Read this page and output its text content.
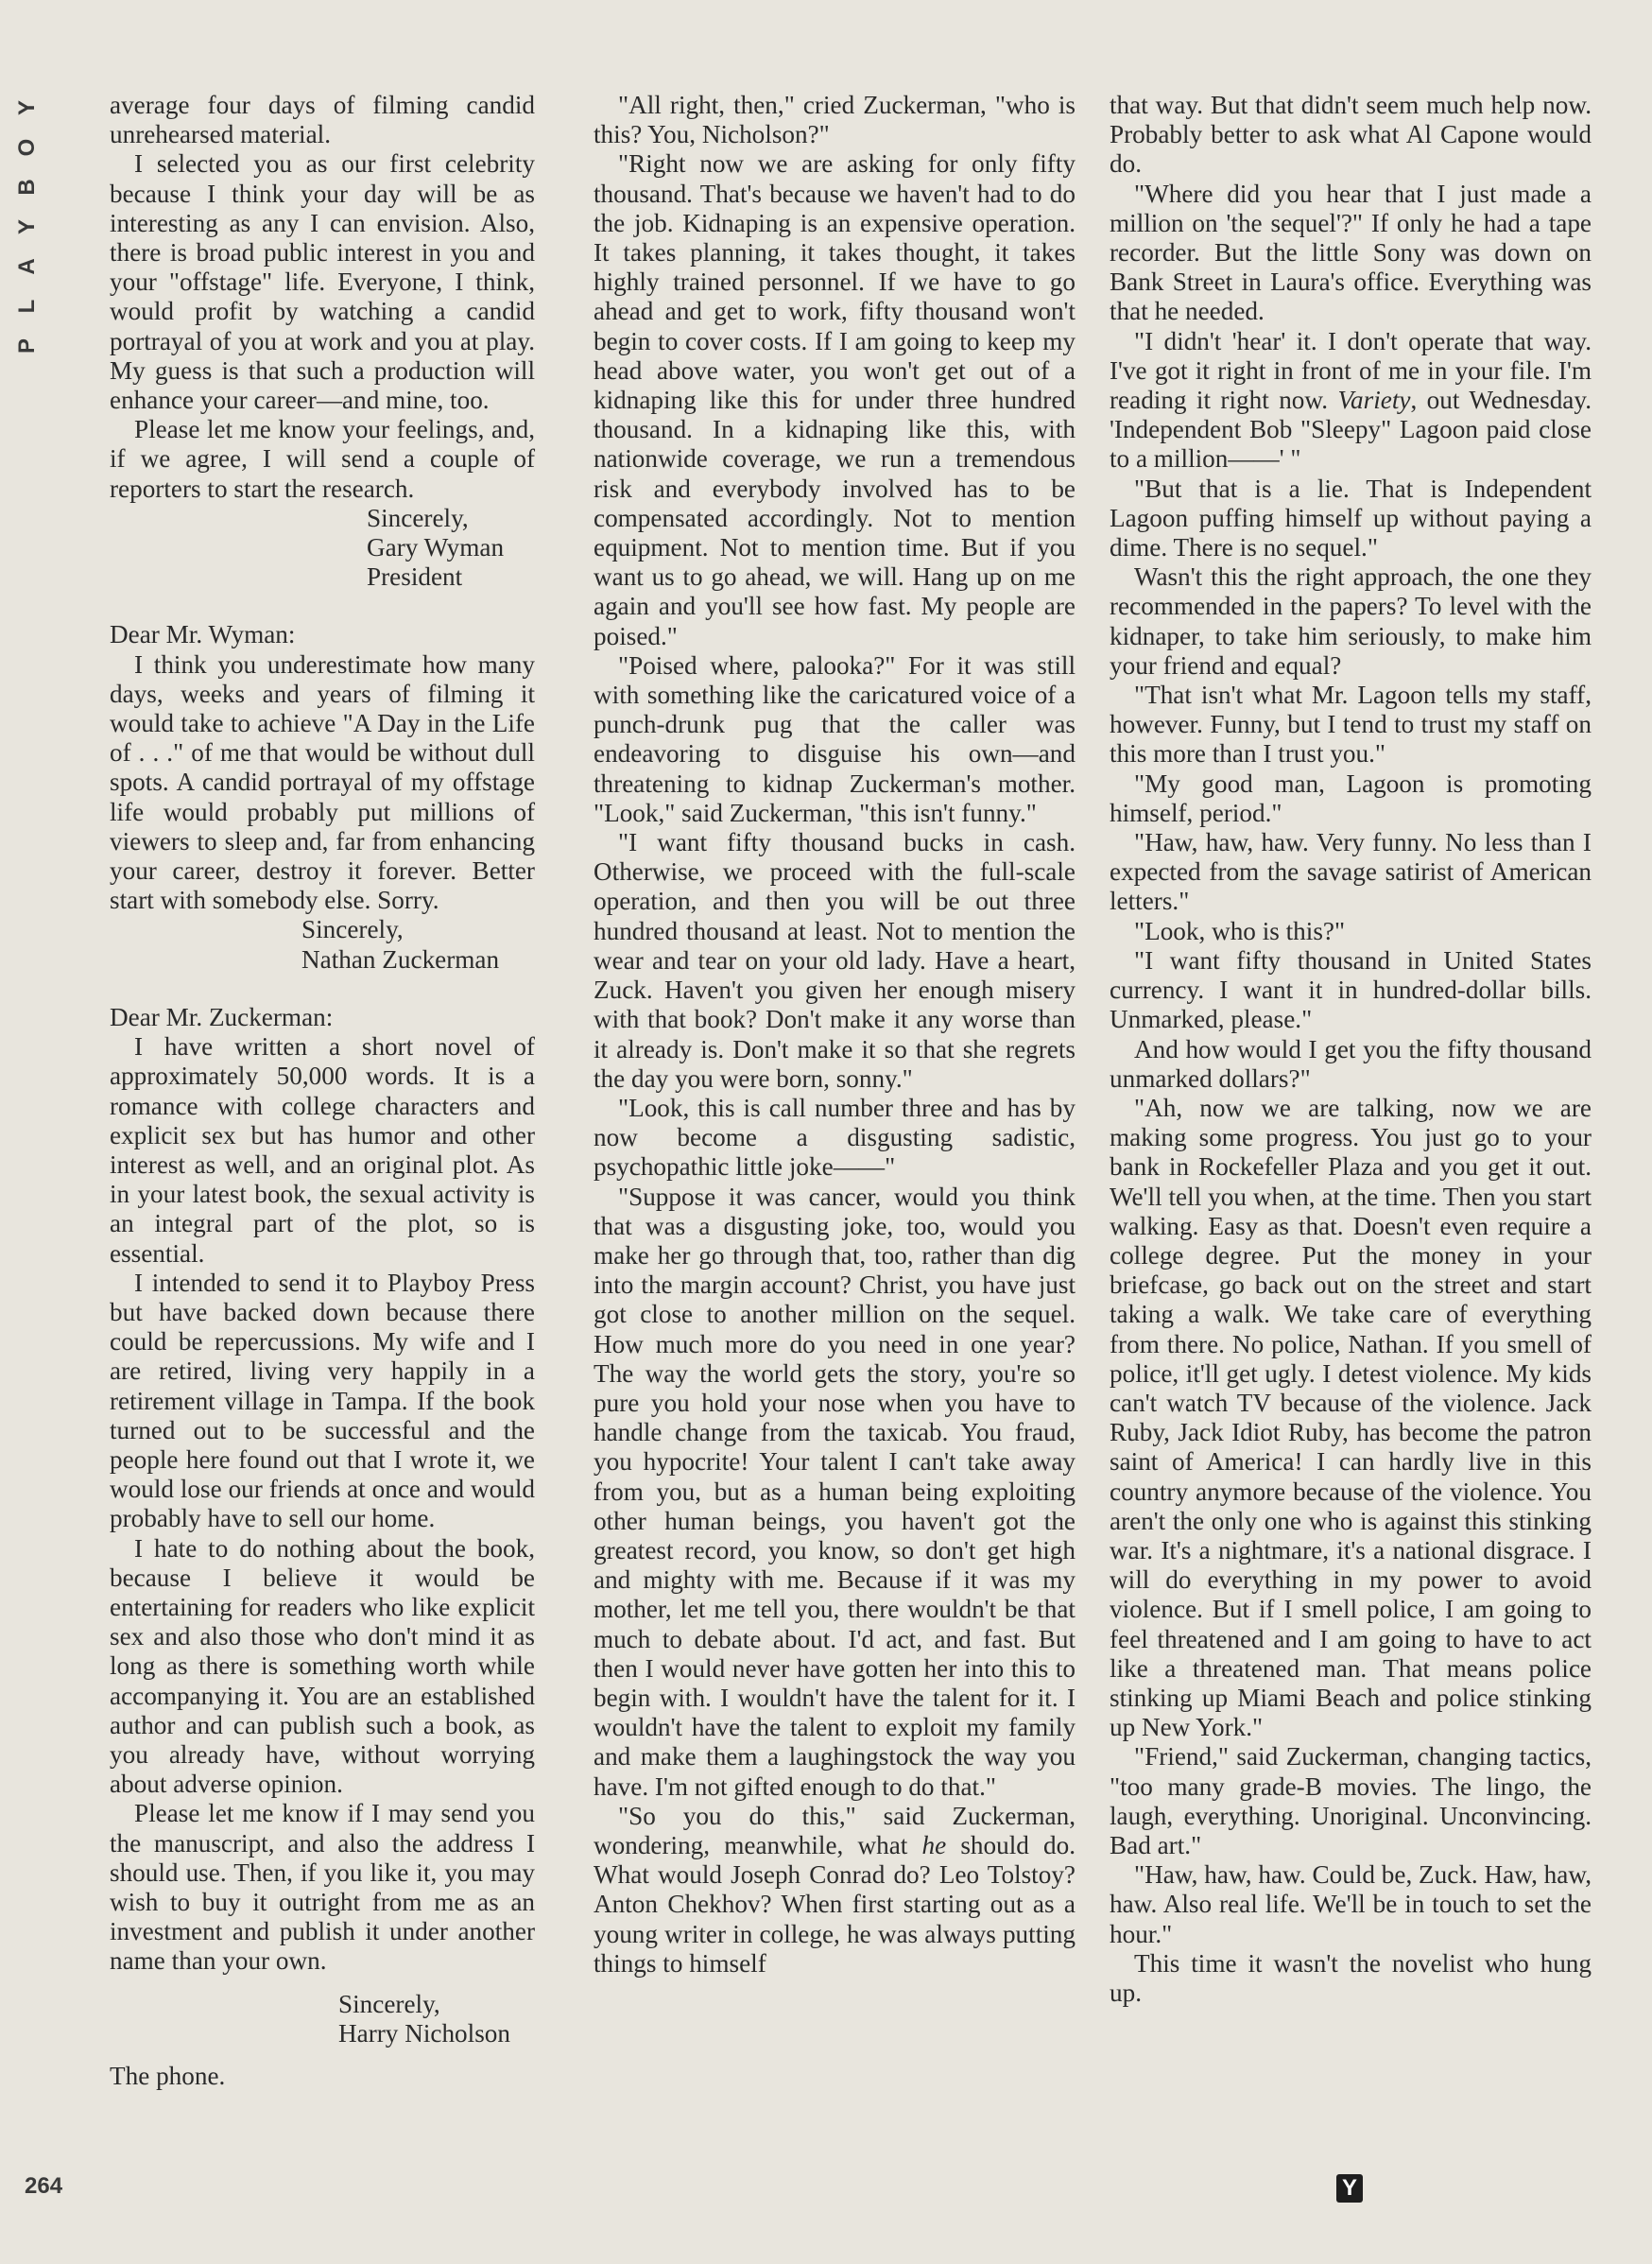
Y
O
B
Y
A
L
P

average four days of filming candid unrehearsed material.

I selected you as our first celebrity because I think your day will be as interesting as any I can envision. Also, there is broad public interest in you and your "offstage" life. Everyone, I think, would profit by watching a candid portrayal of you at work and you at play. My guess is that such a production will enhance your career—and mine, too.

Please let me know your feelings, and, if we agree, I will send a couple of reporters to start the research.

Sincerely,

Gary Wyman

President

Dear Mr. Wyman:

I think you underestimate how many days, weeks and years of filming it would take to achieve "A Day in the Life of . . ." of me that would be without dull spots. A candid portrayal of my offstage life would probably put millions of viewers to sleep and, far from enhancing your career, destroy it forever. Better start with somebody else. Sorry.

Sincerely,

Nathan Zuckerman

Dear Mr. Zuckerman:

I have written a short novel of approximately 50,000 words. It is a romance with college characters and explicit sex but has humor and other interest as well, and an original plot. As in your latest book, the sexual activity is an integral part of the plot, so is essential.

I intended to send it to Playboy Press but have backed down because there could be repercussions. My wife and I are retired, living very happily in a retirement village in Tampa. If the book turned out to be successful and the people here found out that I wrote it, we would lose our friends at once and would probably have to sell our home.

I hate to do nothing about the book, because I believe it would be entertaining for readers who like explicit sex and also those who don't mind it as long as there is something worth while accompanying it. You are an established author and can publish such a book, as you already have, without worrying about adverse opinion.

Please let me know if I may send you the manuscript, and also the address I should use. Then, if you like it, you may wish to buy it outright from me as an investment and publish it under another name than your own.

Sincerely,

Harry Nicholson

The phone.

"All right, then," cried Zuckerman, "who is this? You, Nicholson?"

"Right now we are asking for only fifty thousand. That's because we haven't had to do the job. Kidnaping is an expensive operation. It takes planning, it takes thought, it takes highly trained personnel. If we have to go ahead and get to work, fifty thousand won't begin to cover costs. If I am going to keep my head above water, you won't get out of a kidnaping like this for under three hundred thousand. In a kidnaping like this, with nationwide coverage, we run a tremendous risk and everybody involved has to be compensated accordingly. Not to mention equipment. Not to mention time. But if you want us to go ahead, we will. Hang up on me again and you'll see how fast. My people are poised."

"Poised where, palooka?" For it was still with something like the caricatured voice of a punch-drunk pug that the caller was endeavoring to disguise his own—and threatening to kidnap Zuckerman's mother. "Look," said Zuckerman, "this isn't funny."

"I want fifty thousand bucks in cash. Otherwise, we proceed with the full-scale operation, and then you will be out three hundred thousand at least. Not to mention the wear and tear on your old lady. Have a heart, Zuck. Haven't you given her enough misery with that book? Don't make it any worse than it already is. Don't make it so that she regrets the day you were born, sonny."

"Look, this is call number three and has by now become a disgusting sadistic, psychopathic little joke——"

"Suppose it was cancer, would you think that was a disgusting joke, too, would you make her go through that, too, rather than dig into the margin account? Christ, you have just got close to another million on the sequel. How much more do you need in one year? The way the world gets the story, you're so pure you hold your nose when you have to handle change from the taxicab. You fraud, you hypocrite! Your talent I can't take away from you, but as a human being exploiting other human beings, you haven't got the greatest record, you know, so don't get high and mighty with me. Because if it was my mother, let me tell you, there wouldn't be that much to debate about. I'd act, and fast. But then I would never have gotten her into this to begin with. I wouldn't have the talent for it. I wouldn't have the talent to exploit my family and make them a laughingstock the way you have. I'm not gifted enough to do that."

"So you do this," said Zuckerman, wondering, meanwhile, what he should do. What would Joseph Conrad do? Leo Tolstoy? Anton Chekhov? When first starting out as a young writer in college, he was always putting things to himself

that way. But that didn't seem much help now. Probably better to ask what Al Capone would do.

"Where did you hear that I just made a million on 'the sequel'?" If only he had a tape recorder. But the little Sony was down on Bank Street in Laura's office. Everything was that he needed.

"I didn't 'hear' it. I don't operate that way. I've got it right in front of me in your file. I'm reading it right now. Variety, out Wednesday. 'Independent Bob "Sleepy" Lagoon paid close to a million——' "

"But that is a lie. That is Independent Lagoon puffing himself up without paying a dime. There is no sequel."

Wasn't this the right approach, the one they recommended in the papers? To level with the kidnaper, to take him seriously, to make him your friend and equal?

"That isn't what Mr. Lagoon tells my staff, however. Funny, but I tend to trust my staff on this more than I trust you."

"My good man, Lagoon is promoting himself, period."

"Haw, haw, haw. Very funny. No less than I expected from the savage satirist of American letters."

"Look, who is this?"

"I want fifty thousand in United States currency. I want it in hundred-dollar bills. Unmarked, please."

And how would I get you the fifty thousand unmarked dollars?"

"Ah, now we are talking, now we are making some progress. You just go to your bank in Rockefeller Plaza and you get it out. We'll tell you when, at the time. Then you start walking. Easy as that. Doesn't even require a college degree. Put the money in your briefcase, go back out on the street and start taking a walk. We take care of everything from there. No police, Nathan. If you smell of police, it'll get ugly. I detest violence. My kids can't watch TV because of the violence. Jack Ruby, Jack Idiot Ruby, has become the patron saint of America! I can hardly live in this country anymore because of the violence. You aren't the only one who is against this stinking war. It's a nightmare, it's a national disgrace. I will do everything in my power to avoid violence. But if I smell police, I am going to feel threatened and I am going to have to act like a threatened man. That means police stinking up Miami Beach and police stinking up New York."

"Friend," said Zuckerman, changing tactics, "too many grade-B movies. The lingo, the laugh, everything. Unoriginal. Unconvincing. Bad art."

"Haw, haw, haw. Could be, Zuck. Haw, haw, haw. Also real life. We'll be in touch to set the hour."

This time it wasn't the novelist who hung up.

264	Y
